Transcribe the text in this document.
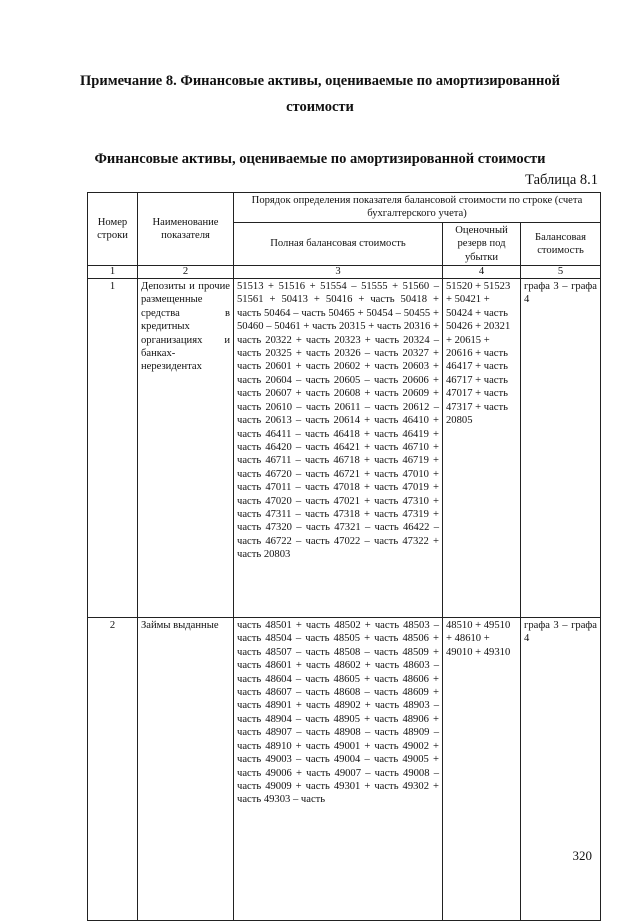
Примечание 8. Финансовые активы, оцениваемые по амортизированной
стоимости
Финансовые активы, оцениваемые по амортизированной стоимости
Таблица 8.1
Номер строки	Наименование показателя	Порядок определения показателя балансовой стоимости по строке (счета бухгалтерского учета)		
		Полная балансовая стоимость	Оценочный резерв под убытки	Балансовая стоимость
1	2	3	4	5
1	Депозиты и прочие размещенные средства в кредитных организациях и банках-нерезидентах	51513 + 51516 + 51554 – 51555 + 51560 – 51561 + 50413 + 50416 + часть 50418 + часть 50464 – часть 50465 + 50454 – 50455 + 50460 – 50461 + часть 20315 + часть 20316 + часть 20322 + часть 20323 + часть 20324 – часть 20325 + часть 20326 – часть 20327 + часть 20601 + часть 20602 + часть 20603 + часть 20604 – часть 20605 – часть 20606 + часть 20607 + часть 20608 + часть 20609 + часть 20610 – часть 20611 – часть 20612 – часть 20613 – часть 20614 + часть 46410 + часть 46411 – часть 46418 + часть 46419 + часть 46420 – часть 46421 + часть 46710 + часть 46711 – часть 46718 + часть 46719 + часть 46720 – часть 46721 + часть 47010 + часть 47011 – часть 47018 + часть 47019 + часть 47020 – часть 47021 + часть 47310 + часть 47311 – часть 47318 + часть 47319 + часть 47320 – часть 47321 – часть 46422 – часть 46722 – часть 47022 – часть 47322 + часть 20803	51520 + 51523 + 50421 + 50424 + часть 50426 + 20321 + 20615 + 20616 + часть 46417 + часть 46717 + часть 47017 + часть 47317 + часть 20805	графа 3 – графа 4
2	Займы выданные	часть 48501 + часть 48502 + часть 48503 – часть 48504 – часть 48505 + часть 48506 + часть 48507 – часть 48508 – часть 48509 + часть 48601 + часть 48602 + часть 48603 – часть 48604 – часть 48605 + часть 48606 + часть 48607 – часть 48608 – часть 48609 + часть 48901 + часть 48902 + часть 48903 – часть 48904 – часть 48905 + часть 48906 + часть 48907 – часть 48908 – часть 48909 – часть 48910 + часть 49001 + часть 49002 + часть 49003 – часть 49004 – часть 49005 + часть 49006 + часть 49007 – часть 49008 – часть 49009 + часть 49301 + часть 49302 + часть 49303 – часть	48510 + 49510 + 48610 + 49010 + 49310	графа 3 – графа 4
320
